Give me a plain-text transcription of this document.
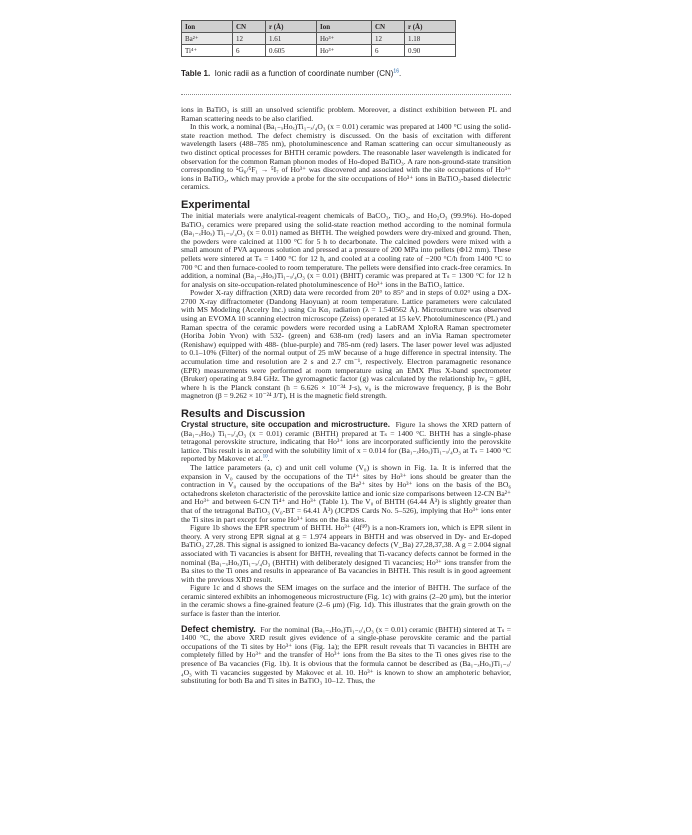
Ion	CN	r (Å)	Ion	CN	r (Å)
Ba²⁺	12	1.61	Ho³⁺	12	1.18
Ti⁴⁺	6	0.605	Ho³⁺	6	0.90
Table 1. Ionic radii as a function of coordinate number (CN)$^{16}$.

ions in BaTiO₃ is still an unsolved scientific problem. Moreover, a distinct exhibition between PL and Raman scattering needs to be also clarified.

In this work, a nominal (Ba₁₋ₓHoₓ)Ti₁₋ₓ/₄O₃ (x = 0.01) ceramic was prepared at 1400 °C using the solid-state reaction method. The defect chemistry is discussed. On the basis of excitation with different wavelength lasers (488–785 nm), photoluminescence and Raman scattering can occur simultaneously as two distinct optical processes for BHTH ceramic powders. The reasonable laser wavelength is indicated for observation for the common Raman phonon modes of Ho-doped BaTiO₃. A rare non-ground-state transition corresponding to ⁵G₆/⁵F₁ → ⁵I₇ of Ho³⁺ was discovered and associated with the site occupations of Ho³⁺ ions in BaTiO₃, which may provide a probe for the site occupations of Ho³⁺ ions in BaTiO₃-based dielectric ceramics.

Experimental

The initial materials were analytical-reagent chemicals of BaCO₃, TiO₂, and Ho₂O₃ (99.9%). Ho-doped BaTiO₃ ceramics were prepared using the solid-state reaction method according to the nominal formula (Ba₁₋ₓHoₓ) Ti₁₋ₓ/₄O₃ (x = 0.01) named as BHTH. The weighed powders were dry-mixed and ground. Then, the powders were calcined at 1100 °C for 5 h to decarbonate. The calcined powders were mixed with a small amount of PVA aqueous solution and pressed at a pressure of 200 MPa into pellets (Φ12 mm). These pellets were sintered at Tₛ = 1400 °C for 12 h, and cooled at a cooling rate of −200 °C/h from 1400 °C to 700 °C and then furnace-cooled to room temperature. The pellets were densified into crack-free ceramics. In addition, a nominal (Ba₁₋ₓHoₓ)Ti₁₋ₓ/₄O₃ (x = 0.01) (BHIT) ceramic was prepared at Tₛ = 1300 °C for 12 h for analysis on site-occupation-related photoluminescence of Ho³⁺ ions in the BaTiO₃ lattice.

Powder X-ray diffraction (XRD) data were recorded from 20° to 85° and in steps of 0.02° using a DX-2700 X-ray diffractometer (Dandong Haoyuan) at room temperature. Lattice parameters were calculated with MS Modeling (Accelry Inc.) using Cu Kα₁ radiation (λ = 1.540562 Å). Microstructure was observed using an EVOMA 10 scanning electron microscope (Zeiss) operated at 15 keV. Photoluminescence (PL) and Raman spectra of the ceramic powders were recorded using a LabRAM XploRA Raman spectrometer (Horiba Jobin Yvon) with 532- (green) and 638-nm (red) lasers and an inVia Raman spectrometer (Renishaw) equipped with 488- (blue-purple) and 785-nm (red) lasers. The laser power level was adjusted to 0.1–10% (Filter) of the normal output of 25 mW because of a huge difference in spectral intensity. The accumulation time and resolution are 2 s and 2.7 cm⁻¹, respectively. Electron paramagnetic resonance (EPR) measurements were performed at room temperature using an EMX Plus X-band spectrometer (Bruker) operating at 9.84 GHz. The gyromagnetic factor (g) was calculated by the relationship hν₀ = gβH, where h is the Planck constant (h = 6.626 × 10⁻³⁴ J·s), ν₀ is the microwave frequency, β is the Bohr magnetron (β = 9.262 × 10⁻²⁴ J/T), H is the magnetic field strength.

Results and Discussion

Crystal structure, site occupation and microstructure. Figure 1a shows the XRD pattern of (Ba₁₋ₓHoₓ) Ti₁₋ₓ/₄O₃ (x = 0.01) ceramic (BHTH) prepared at Tₛ = 1400 °C. BHTH has a single-phase tetragonal perovskite structure, indicating that Ho³⁺ ions are incorporated sufficiently into the perovskite lattice. This result is in accord with the solubility limit of x = 0.014 for (Ba₁₋ₓHoₓ)Ti₁₋ₓ/₄O₃ at Tₛ = 1400 °C reported by Makovec et al.$^{10}$.

The lattice parameters (a, c) and unit cell volume (V₀) is shown in Fig. 1a. It is inferred that the expansion in V₀ caused by the occupations of the Ti⁴⁺ sites by Ho³⁺ ions should be greater than the contraction in V₀ caused by the occupations of the Ba²⁺ sites by Ho³⁺ ions on the basis of the BO₆ octahedrons skeleton characteristic of the perovskite lattice and ionic size comparisons between 12-CN Ba²⁺ and Ho³⁺ and between 6-CN Ti⁴⁺ and Ho³⁺ (Table 1). The V₀ of BHTH (64.44 Å³) is slightly greater than that of the tetragonal BaTiO₃ (V₀-BT = 64.41 Å³) (JCPDS Cards No. 5–526), implying that Ho³⁺ ions enter the Ti sites in part except for some Ho³⁺ ions on the Ba sites.

Figure 1b shows the EPR spectrum of BHTH. Ho³⁺ (4f¹⁰) is a non-Kramers ion, which is EPR silent in theory. A very strong EPR signal at g = 1.974 appears in BHTH and was observed in Dy- and Er-doped BaTiO₃ 27,28. This signal is assigned to ionized Ba-vacancy defects (V_Ba) 27,28,37,38. A g = 2.004 signal associated with Ti vacancies is absent for BHTH, revealing that Ti-vacancy defects cannot be formed in the nominal (Ba₁₋ₓHoₓ)Ti₁₋ₓ/₄O₃ (BHTH) with deliberately designed Ti vacancies; Ho³⁺ ions transfer from the Ba sites to the Ti ones and results in appearance of Ba vacancies in BHTH. This result is in good agreement with the previous XRD result.

Figure 1c and d shows the SEM images on the surface and the interior of BHTH. The surface of the ceramic sintered exhibits an inhomogeneous microstructure (Fig. 1c) with grains (2–20 μm), but the interior in the ceramic shows a fine-grained feature (2–6 μm) (Fig. 1d). This illustrates that the grain growth on the surface is faster than the interior.

Defect chemistry. For the nominal (Ba₁₋ₓHoₓ)Ti₁₋ₓ/₄O₃ (x = 0.01) ceramic (BHTH) sintered at Tₛ = 1400 °C, the above XRD result gives evidence of a single-phase perovskite ceramic and the partial occupations of the Ti sites by Ho³⁺ ions (Fig. 1a); the EPR result reveals that Ti vacancies in BHTH are completely filled by Ho³⁺ and the transfer of Ho³⁺ ions from the Ba sites to the Ti ones gives rise to the presence of Ba vacancies (Fig. 1b). It is obvious that the formula cannot be described as (Ba₁₋ₓHoₓ)Ti₁₋ₓ/₄O₃ with Ti vacancies suggested by Makovec et al. 10. Ho³⁺ is known to show an amphoteric behavior, substituting for both Ba and Ti sites in BaTiO₃ 10–12. Thus, the
